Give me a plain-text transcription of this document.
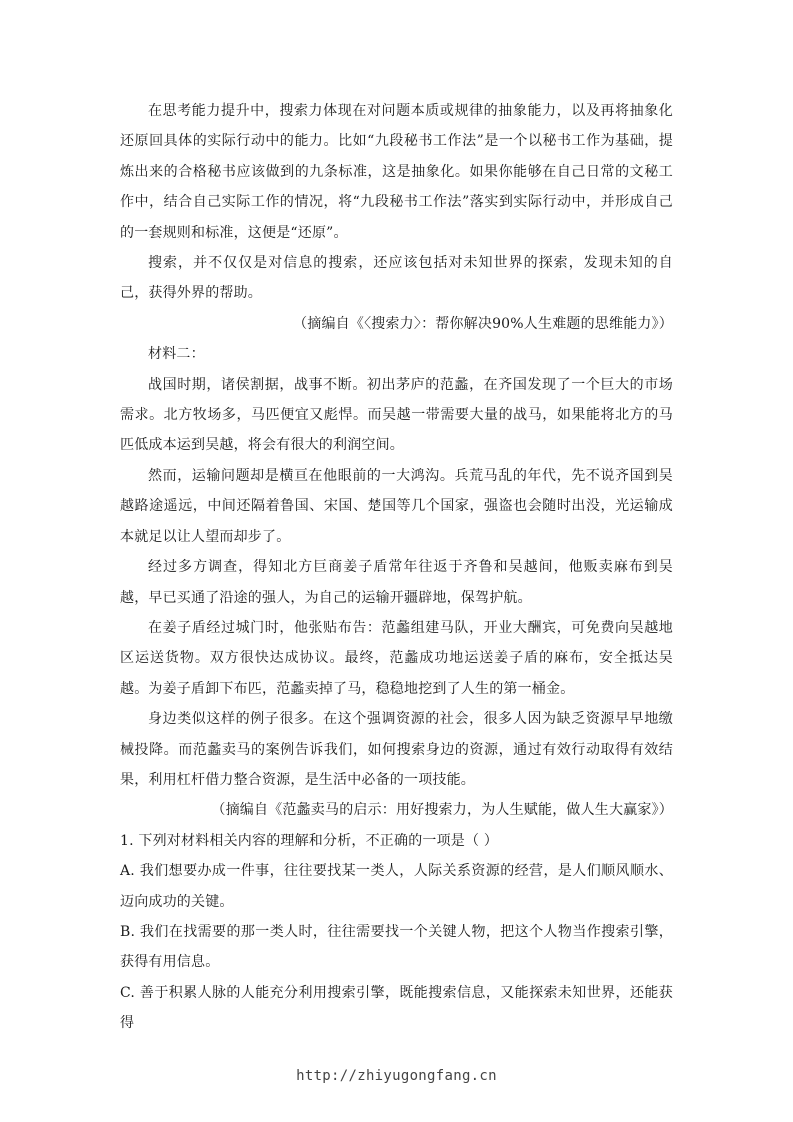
在思考能力提升中，搜索力体现在对问题本质或规律的抽象能力，以及再将抽象化还原回具体的实际行动中的能力。比如“九段秘书工作法”是一个以秘书工作为基础，提炼出来的合格秘书应该做到的九条标准，这是抽象化。如果你能够在自己日常的文秘工作中，结合自己实际工作的情况，将“九段秘书工作法”落实到实际行动中，并形成自己的一套规则和标准，这便是“还原”。

搜索，并不仅仅是对信息的搜索，还应该包括对未知世界的探索，发现未知的自己，获得外界的帮助。

（摘编自《〈搜索力〉：帮你解决90%人生难题的思维能力》）

材料二：

战国时期，诸侯割据，战事不断。初出茅庐的范蠡，在齐国发现了一个巨大的市场需求。北方牧场多，马匹便宜又彪悍。而吴越一带需要大量的战马，如果能将北方的马匹低成本运到吴越，将会有很大的利润空间。

然而，运输问题却是横亘在他眼前的一大鸿沟。兵荒马乱的年代，先不说齐国到吴越路途遥远，中间还隔着鲁国、宋国、楚国等几个国家，强盗也会随时出没，光运输成本就足以让人望而却步了。

经过多方调查，得知北方巨商姜子盾常年往返于齐鲁和吴越间，他贩卖麻布到吴越，早已买通了沿途的强人，为自己的运输开疆辟地，保驾护航。

在姜子盾经过城门时，他张贴布告：范蠡组建马队，开业大酬宾，可免费向吴越地区运送货物。双方很快达成协议。最终，范蠡成功地运送姜子盾的麻布，安全抵达吴越。为姜子盾卸下布匹，范蠡卖掉了马，稳稳地挖到了人生的第一桶金。

身边类似这样的例子很多。在这个强调资源的社会，很多人因为缺乏资源早早地缴械投降。而范蠡卖马的案例告诉我们，如何搜索身边的资源，通过有效行动取得有效结果，利用杠杆借力整合资源，是生活中必备的一项技能。

（摘编自《范蠡卖马的启示：用好搜索力，为人生赋能，做人生大赢家》）

1. 下列对材料相关内容的理解和分析，不正确的一项是（ ）

A. 我们想要办成一件事，往往要找某一类人，人际关系资源的经营，是人们顺风顺水、迈向成功的关键。

B. 我们在找需要的那一类人时，往往需要找一个关键人物，把这个人物当作搜索引擎，获得有用信息。

C. 善于积累人脉的人能充分利用搜索引擎，既能搜索信息，又能探索未知世界，还能获得

http://zhiyugongfang.cn
